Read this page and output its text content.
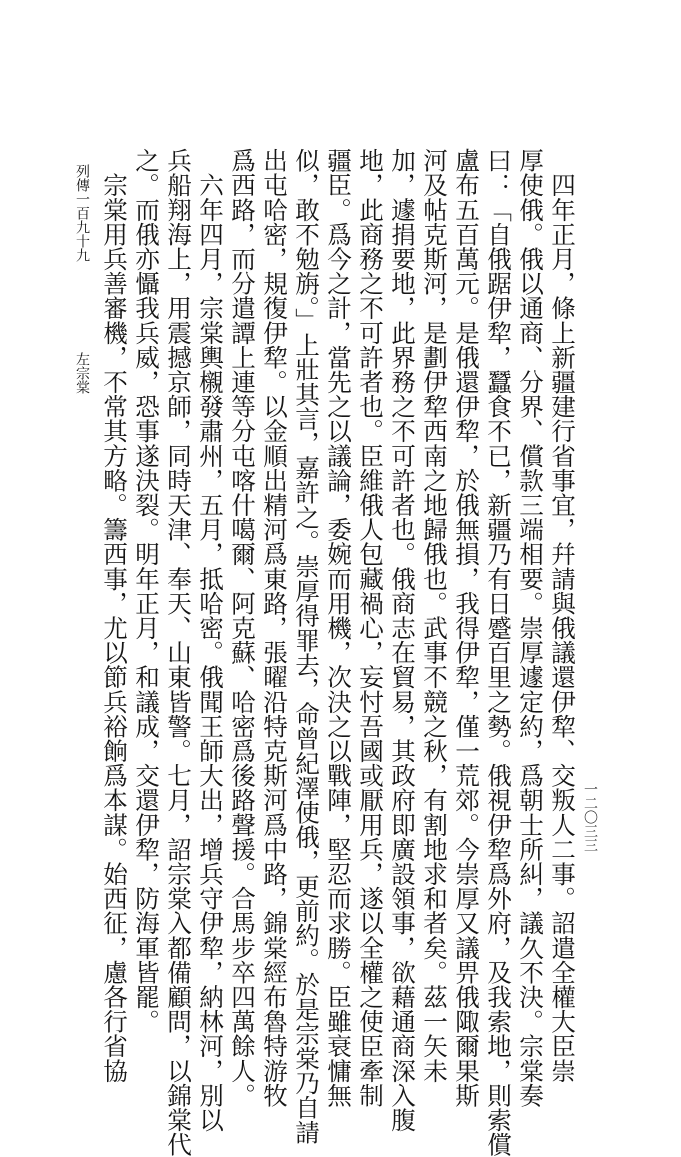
　四年正月，條上新疆建行省事宜，幷請與俄議還伊犂、交叛人二事。詔遣全權大臣崇
厚使俄。俄以通商、分界、償款三端相要。崇厚遽定約，爲朝士所糾，議久不決。宗棠奏
曰：「自俄踞伊犂，蠶食不已，新疆乃有日蹙百里之勢。俄視伊犂爲外府，及我索地，則索償
盧布五百萬元。是俄還伊犂，於俄無損，我得伊犂，僅一荒郊。今崇厚又議畀俄陬爾果斯
河及帖克斯河，是劃伊犂西南之地歸俄也。武事不競之秋，有割地求和者矣。茲一矢未
加，遽捐要地，此界務之不可許者也。俄商志在貿易，其政府即廣設領事，欲藉通商深入腹
地，此商務之不可許者也。臣維俄人包藏禍心，妄忖吾國或厭用兵，遂以全權之使臣牽制
疆臣。爲今之計，當先之以議論，委婉而用機，次決之以戰陣，堅忍而求勝。臣雖衰慵無
似，敢不勉旃。」上壯其言，嘉許之。崇厚得罪去，命曾紀澤使俄，更前約。於是宗棠乃自請
出屯哈密，規復伊犂。以金順出精河爲東路，張曜沿特克斯河爲中路，錦棠經布魯特游牧
爲西路，而分遣譚上連等分屯喀什噶爾、阿克蘇、哈密爲後路聲援。合馬步卒四萬餘人。
　六年四月，宗棠輿櫬發肅州，五月，抵哈密。俄聞王師大出，增兵守伊犂，納林河，別以
兵船翔海上，用震撼京師，同時天津、奉天、山東皆警。七月，詔宗棠入都備顧問，以錦棠代
之。而俄亦懾我兵威，恐事遂決裂。明年正月，和議成，交還伊犂，防海軍皆罷。
　宗棠用兵善審機，不常其方略。籌西事，尤以節兵裕餉爲本謀。始西征，慮各行省協	一二〇三三
列傳一百九十九
左宗棠
